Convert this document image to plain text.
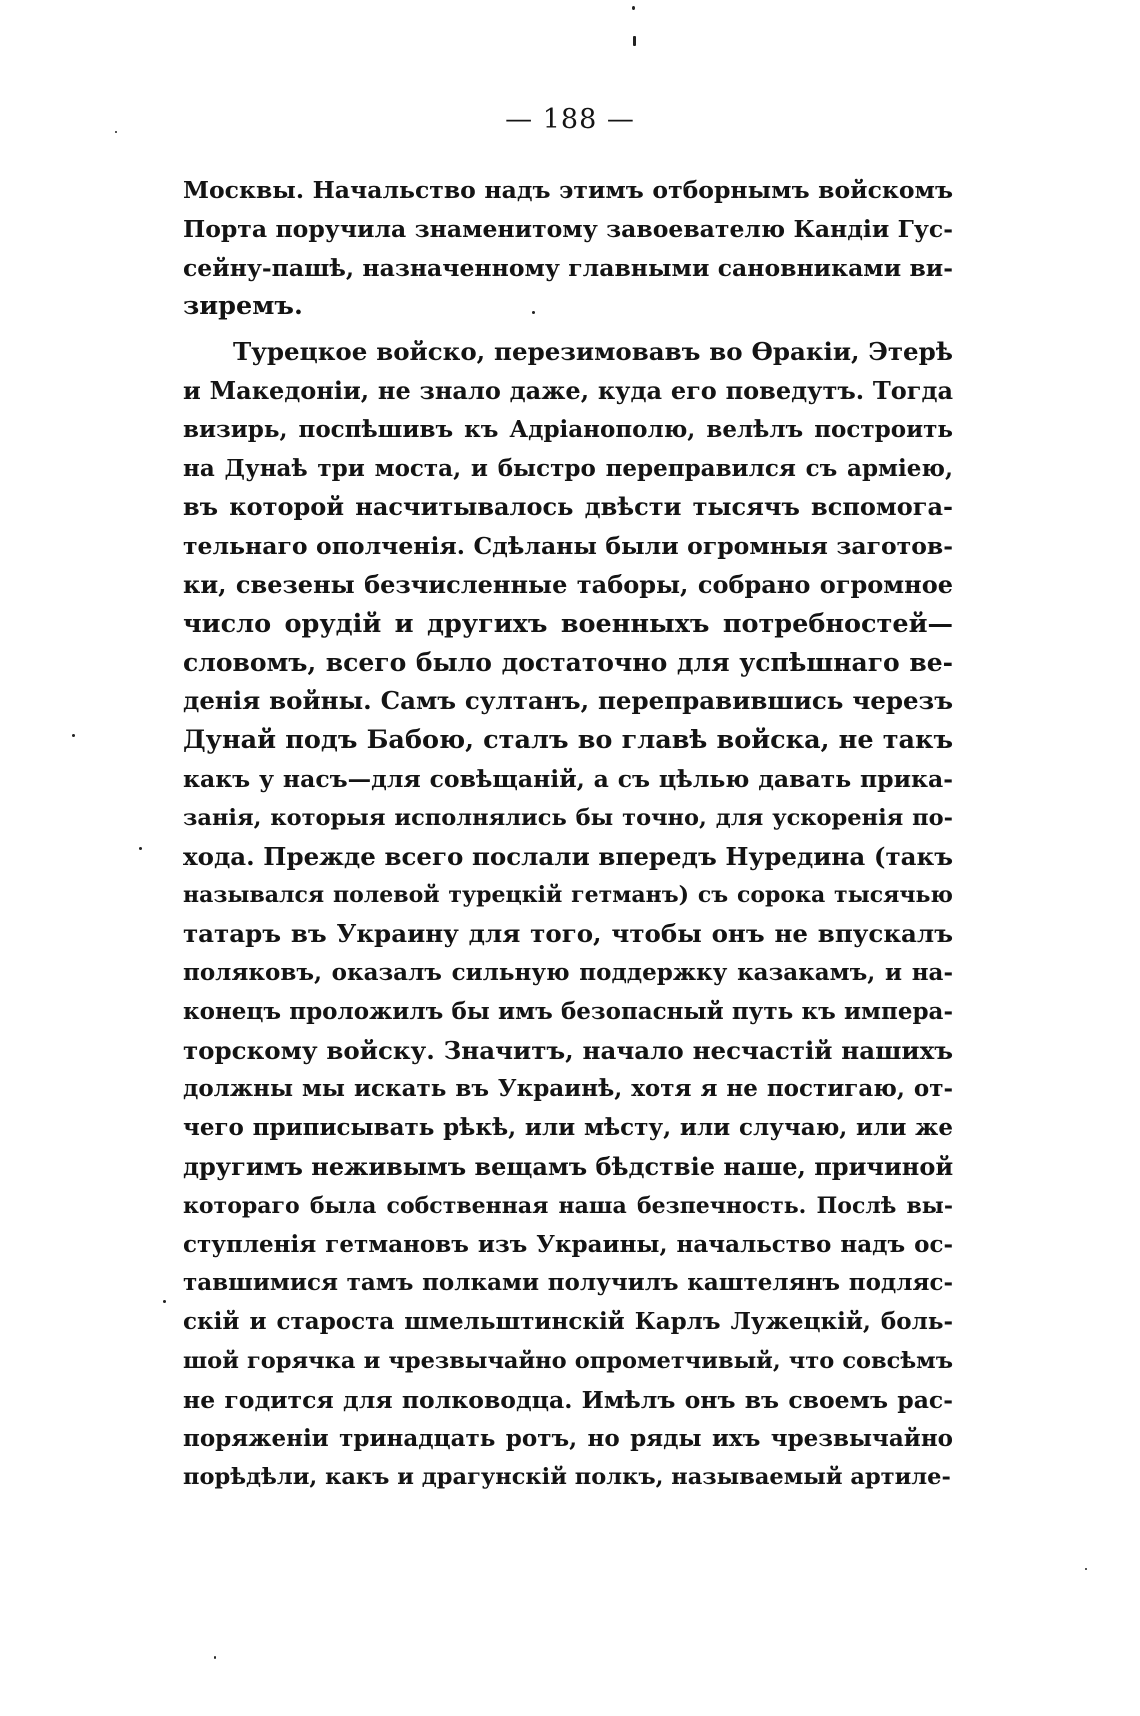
— 188 —
Москвы. Начальство надъ этимъ отборнымъ войскомъ
Порта поручила знаменитому завоевателю Кандіи Гус-
сейну-пашѣ, назначенному главными сановниками ви-
зиремъ.
Турецкое войско, перезимовавъ во Өракіи, Этерѣ
и Македоніи, не знало даже, куда его поведутъ. Тогда
визирь, поспѣшивъ къ Адріанополю, велѣлъ построить
на Дунаѣ три моста, и быстро переправился съ арміею,
въ которой насчитывалось двѣсти тысячъ вспомога-
тельнаго ополченія. Сдѣланы были огромныя заготов-
ки, свезены безчисленные таборы, собрано огромное
число орудій и другихъ военныхъ потребностей—
словомъ, всего было достаточно для успѣшнаго ве-
денія войны. Самъ султанъ, переправившись черезъ
Дунай подъ Бабою, сталъ во главѣ войска, не такъ
какъ у насъ—для совѣщаній, а съ цѣлью давать прика-
занія, которыя исполнялись бы точно, для ускоренія по-
хода. Прежде всего послали впередъ Нуредина (такъ
назывался полевой турецкій гетманъ) съ сорока тысячью
татаръ въ Украину для того, чтобы онъ не впускалъ
поляковъ, оказалъ сильную поддержку казакамъ, и на-
конецъ проложилъ бы имъ безопасный путь къ импера-
торскому войску. Значитъ, начало несчастій нашихъ
должны мы искать въ Украинѣ, хотя я не постигаю, от-
чего приписывать рѣкѣ, или мѣсту, или случаю, или же
другимъ неживымъ вещамъ бѣдствіе наше, причиной
котораго была собственная наша безпечность. Послѣ вы-
ступленія гетмановъ изъ Украины, начальство надъ ос-
тавшимися тамъ полками получилъ каштелянъ подляс-
скій и староста шмельштинскій Карлъ Лужецкій, боль-
шой горячка и чрезвычайно опрометчивый, что совсѣмъ
не годится для полководца. Имѣлъ онъ въ своемъ рас-
поряженіи тринадцать ротъ, но ряды ихъ чрезвычайно
порѣдѣли, какъ и драгунскій полкъ, называемый артиле-
